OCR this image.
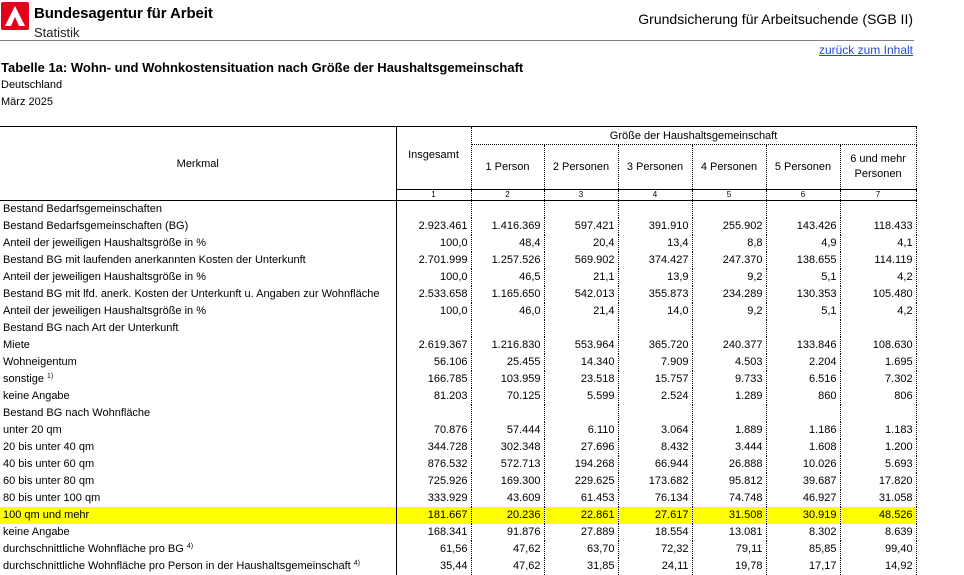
Bundesagentur für Arbeit
Statistik
Grundsicherung für Arbeitsuchende (SGB II)
zurück zum Inhalt
Tabelle 1a: Wohn- und Wohnkostensituation nach Größe der Haushaltsgemeinschaft
Deutschland
März 2025
Merkmal	Insgesamt	Größe der Haushaltsgemeinschaft					
		1 Person	2 Personen	3 Personen	4 Personen	5 Personen	6 und mehr Personen
	1	2	3	4	5	6	7
Bestand Bedarfsgemeinschaften							
Bestand Bedarfsgemeinschaften (BG)	2.923.461	1.416.369	597.421	391.910	255.902	143.426	118.433
Anteil der jeweiligen Haushaltsgröße in %	100,0	48,4	20,4	13,4	8,8	4,9	4,1
Bestand BG mit laufenden anerkannten Kosten der Unterkunft	2.701.999	1.257.526	569.902	374.427	247.370	138.655	114.119
Anteil der jeweiligen Haushaltsgröße in %	100,0	46,5	21,1	13,9	9,2	5,1	4,2
Bestand BG mit lfd. anerk. Kosten der Unterkunft u. Angaben zur Wohnfläche	2.533.658	1.165.650	542.013	355.873	234.289	130.353	105.480
Anteil der jeweiligen Haushaltsgröße in %	100,0	46,0	21,4	14,0	9,2	5,1	4,2
Bestand BG nach Art der Unterkunft							
Miete	2.619.367	1.216.830	553.964	365.720	240.377	133.846	108.630
Wohneigentum	56.106	25.455	14.340	7.909	4.503	2.204	1.695
sonstige $^{1)}$	166.785	103.959	23.518	15.757	9.733	6.516	7.302
keine Angabe	81.203	70.125	5.599	2.524	1.289	860	806
Bestand BG nach Wohnfläche							
unter 20 qm	70.876	57.444	6.110	3.064	1.889	1.186	1.183
20 bis unter 40 qm	344.728	302.348	27.696	8.432	3.444	1.608	1.200
40 bis unter 60 qm	876.532	572.713	194.268	66.944	26.888	10.026	5.693
60 bis unter 80 qm	725.926	169.300	229.625	173.682	95.812	39.687	17.820
80 bis unter 100 qm	333.929	43.609	61.453	76.134	74.748	46.927	31.058
100 qm und mehr	181.667	20.236	22.861	27.617	31.508	30.919	48.526
keine Angabe	168.341	91.876	27.889	18.554	13.081	8.302	8.639
durchschnittliche Wohnfläche pro BG $^{4)}$	61,56	47,62	63,70	72,32	79,11	85,85	99,40
durchschnittliche Wohnfläche pro Person in der Haushaltsgemeinschaft $^{4)}$	35,44	47,62	31,85	24,11	19,78	17,17	14,92
